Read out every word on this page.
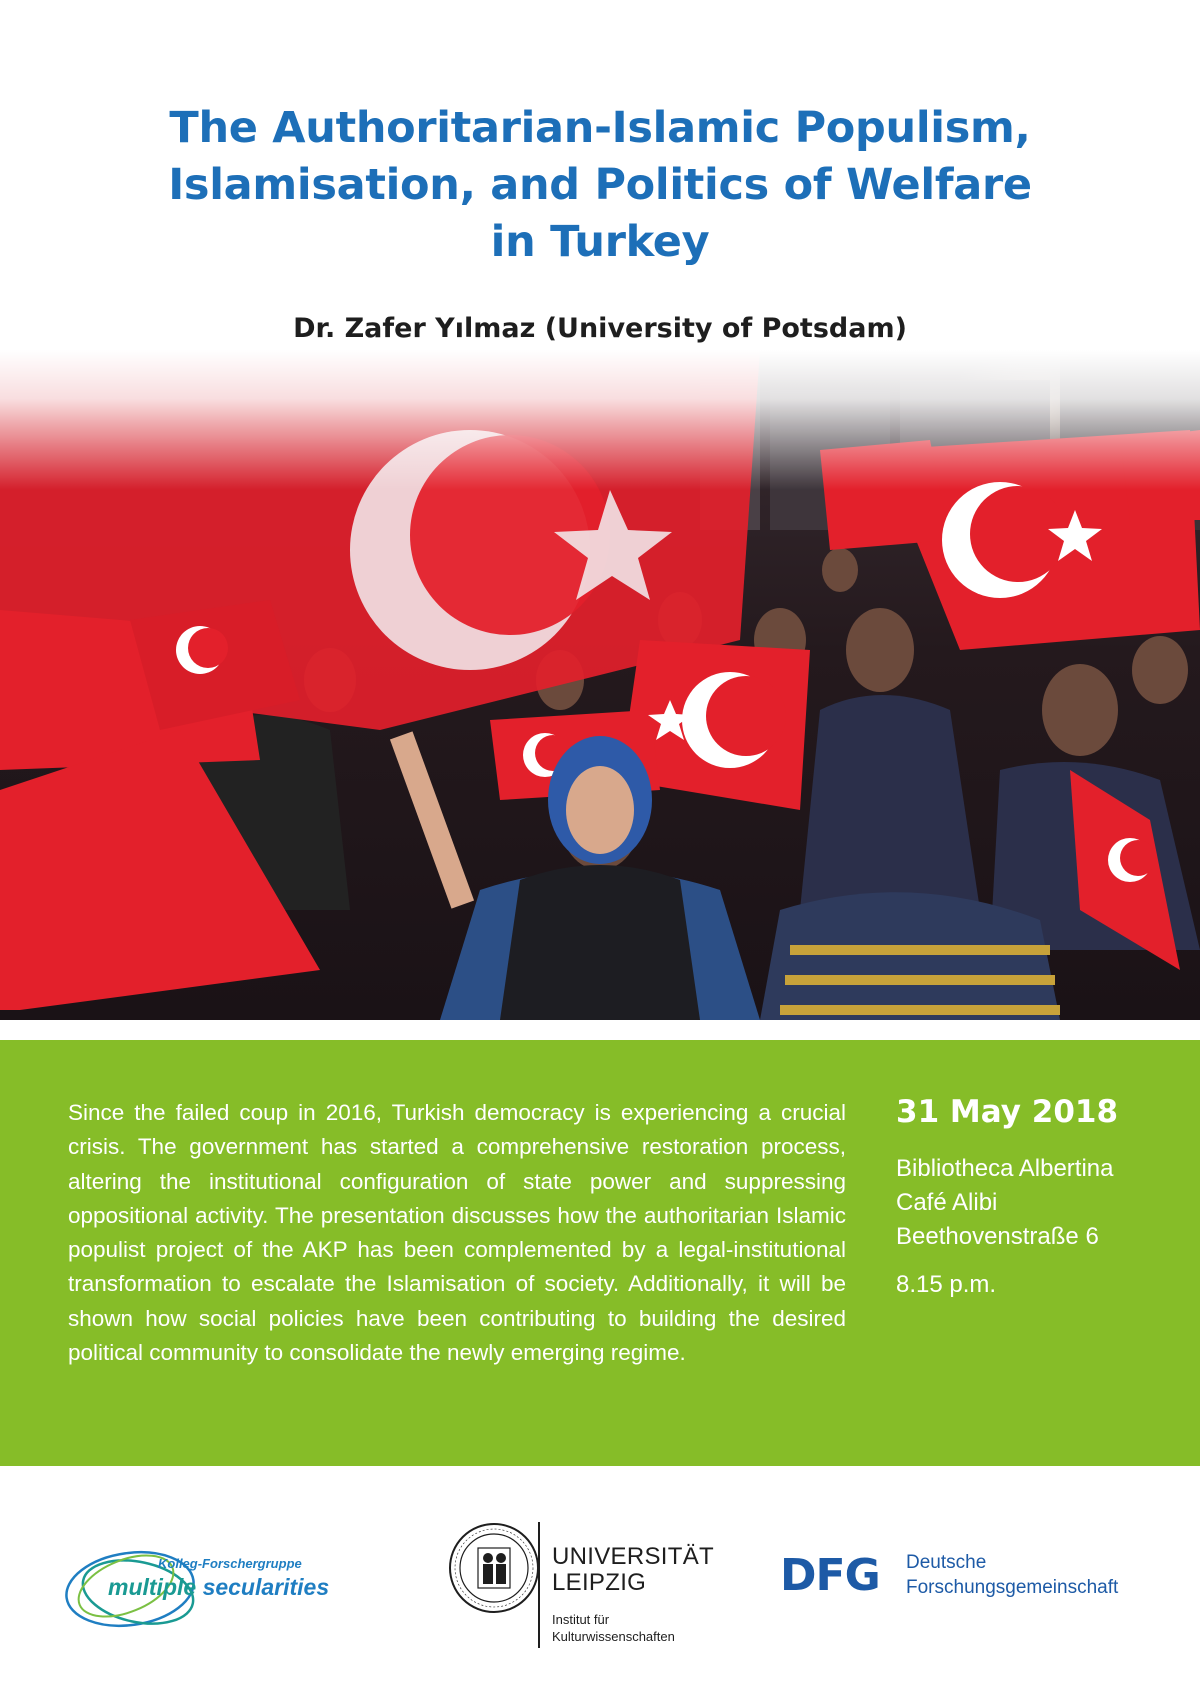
The Authoritarian-Islamic Populism,
Islamisation, and Politics of Welfare
in Turkey
Dr. Zafer Yılmaz (University of Potsdam)

Since the failed coup in 2016, Turkish democracy is experiencing a crucial crisis. The government has started a comprehensive restoration process, altering the institutional configuration of state power and suppressing oppositional activity. The presentation discusses how the authoritarian Islamic populist project of the AKP has been complemented by a legal-institutional transformation to escalate the Islamisation of society. Additionally, it will be shown how social policies have been contributing to building the desired political community to consolidate the newly emerging regime.

31 May 2018
Bibliotheca Albertina
Café Alibi
Beethovenstraße 6
8.15 p.m.
Kolleg-Forschergruppe
multiple secularities
UNIVERSITÄT
LEIPZIG
Institut für
Kulturwissenschaften
DFG Deutsche
Forschungsgemeinschaft
